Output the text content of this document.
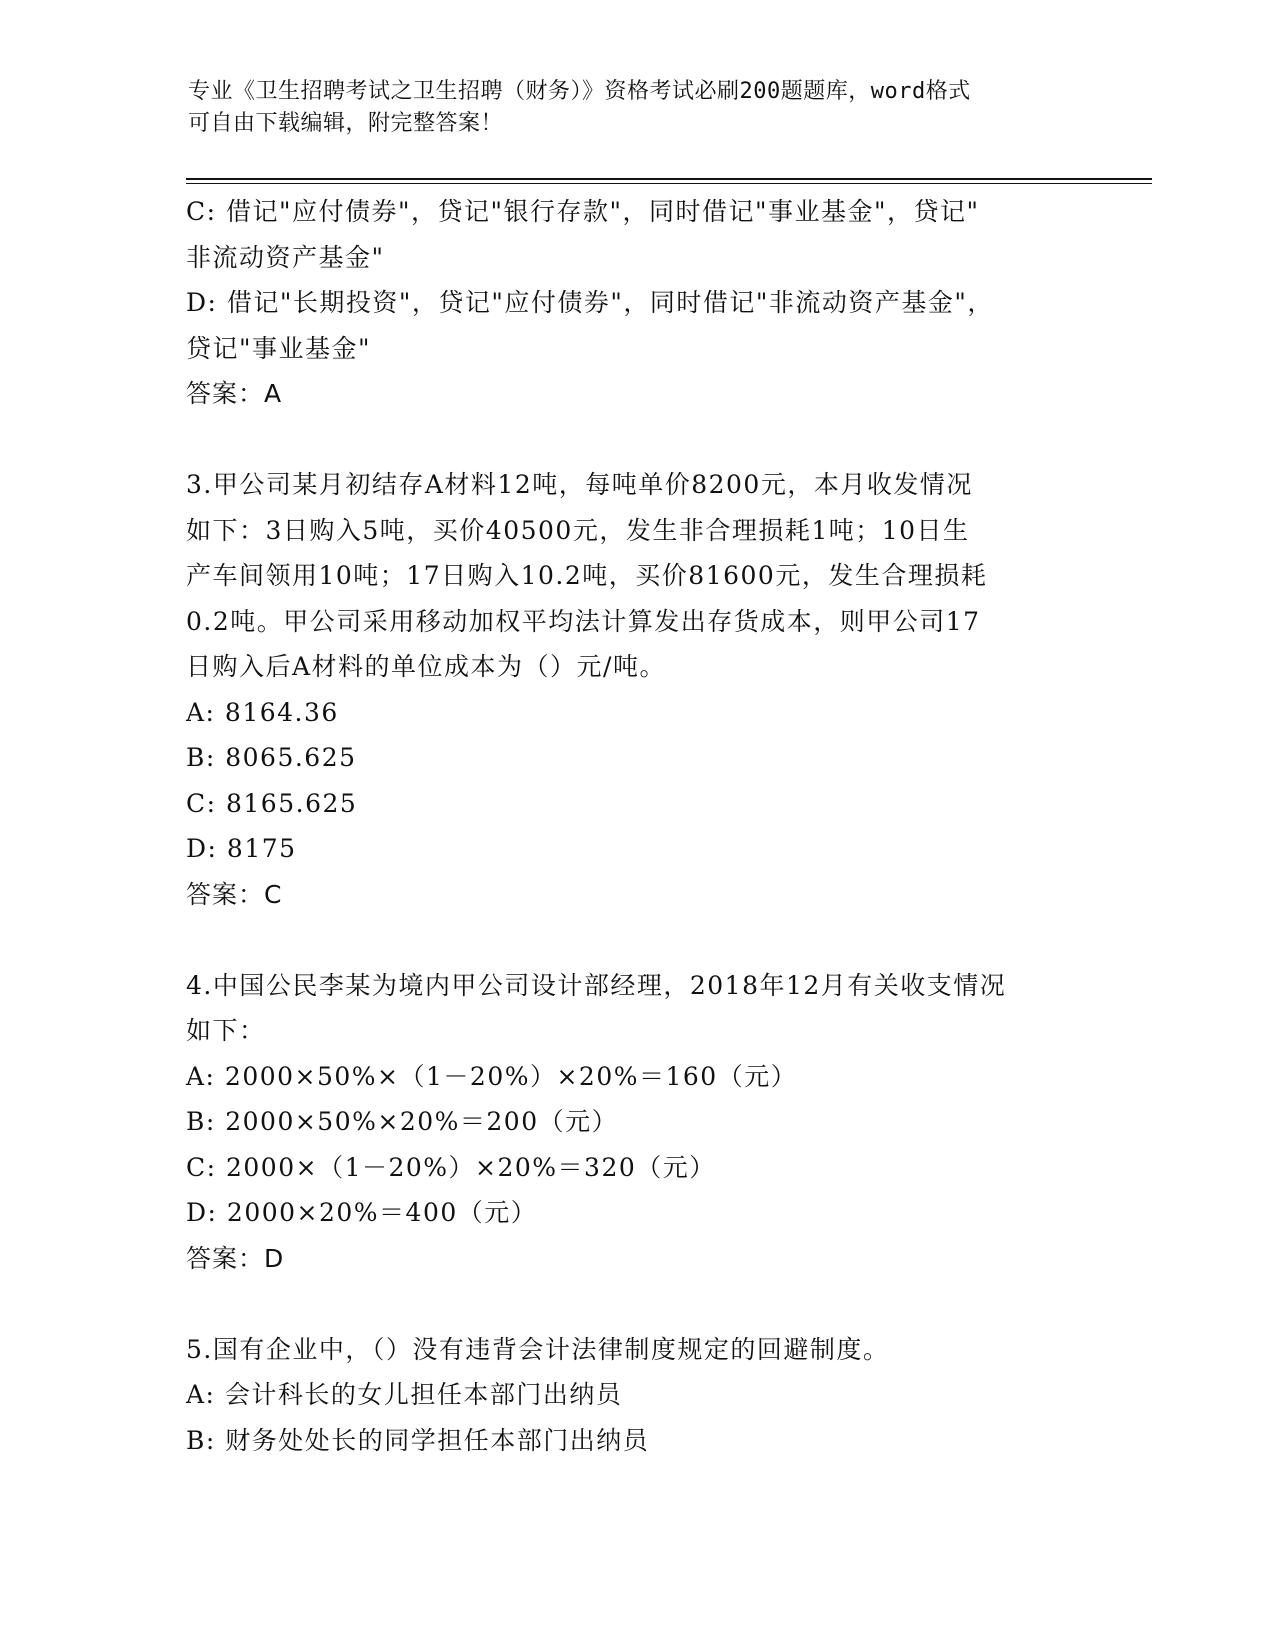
专业《卫生招聘考试之卫生招聘（财务）》资格考试必刷200题题库，word格式
可自由下载编辑，附完整答案！
C: 借记"应付债券"，贷记"银行存款"，同时借记"事业基金"，贷记"
非流动资产基金"
D: 借记"长期投资"，贷记"应付债券"，同时借记"非流动资产基金"，
贷记"事业基金"
答案：A
3.甲公司某月初结存A材料12吨，每吨单价8200元，本月收发情况
如下：3日购入5吨，买价40500元，发生非合理损耗1吨；10日生
产车间领用10吨；17日购入10.2吨，买价81600元，发生合理损耗
0.2吨。甲公司采用移动加权平均法计算发出存货成本，则甲公司17
日购入后A材料的单位成本为（）元/吨。
A: 8164.36
B: 8065.625
C: 8165.625
D: 8175
答案：C
4.中国公民李某为境内甲公司设计部经理，2018年12月有关收支情况
如下：
A: 2000×50%×（1－20%）×20%＝160（元）
B: 2000×50%×20%＝200（元）
C: 2000×（1－20%）×20%＝320（元）
D: 2000×20%＝400（元）
答案：D
5.国有企业中，（）没有违背会计法律制度规定的回避制度。
A: 会计科长的女儿担任本部门出纳员
B: 财务处处长的同学担任本部门出纳员
